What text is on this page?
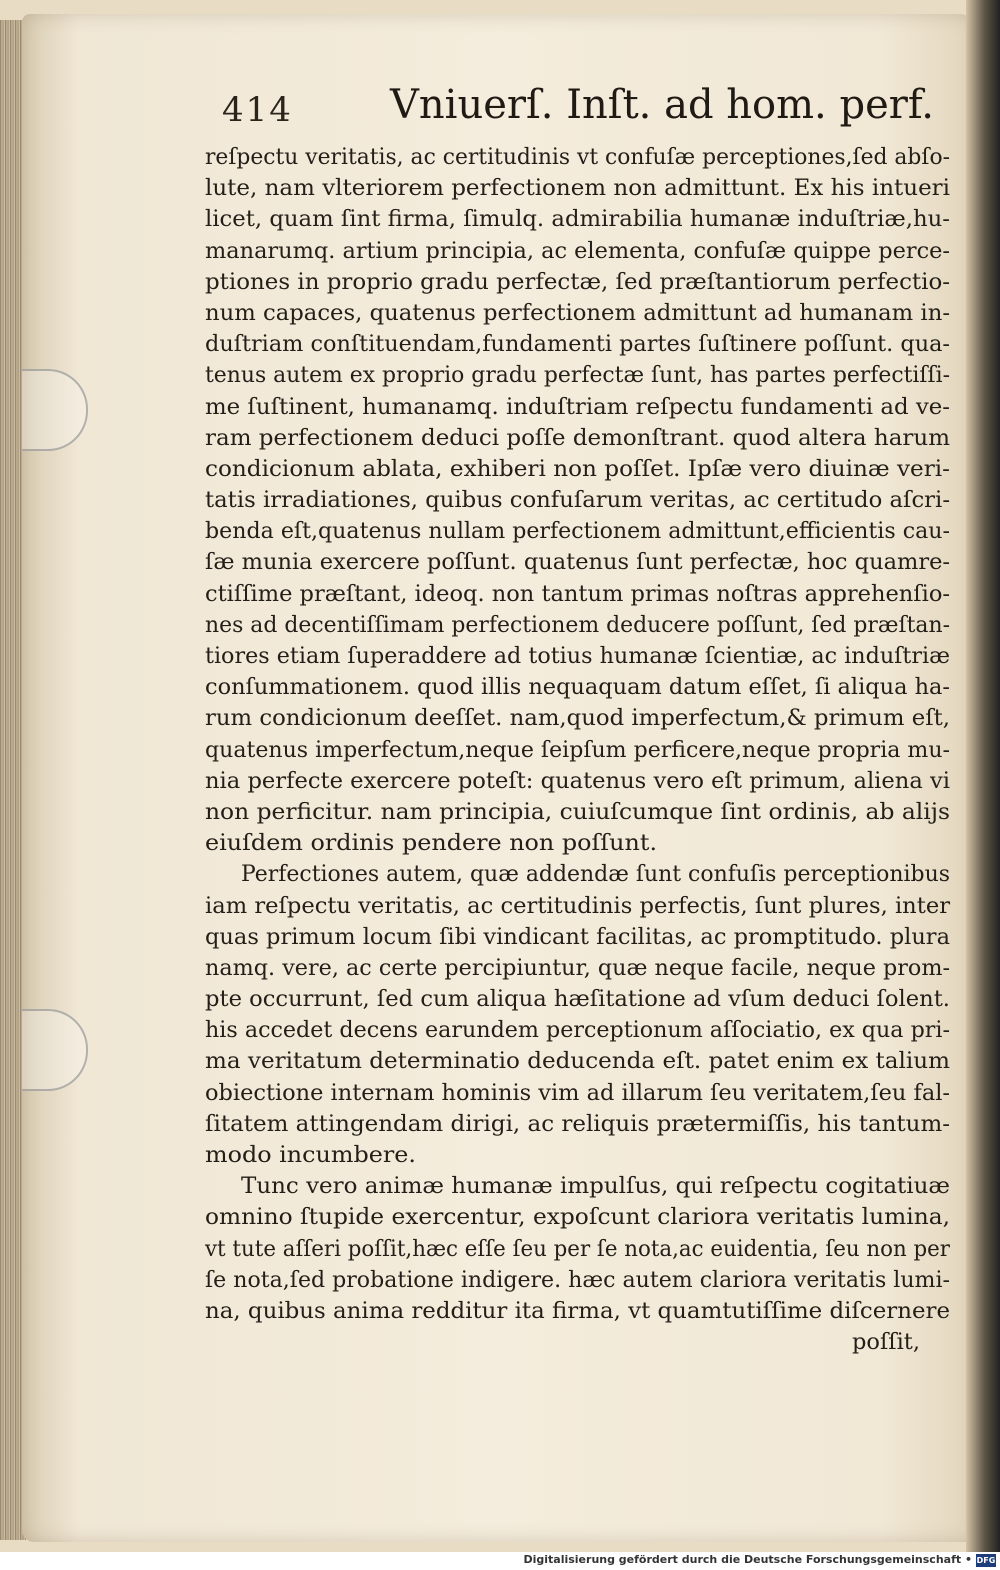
414 Vniuerſ. Inſt. ad hom. perf.
reſpectu veritatis, ac certitudinis vt confuſæ perceptiones,ſed abſo-
lute, nam vlteriorem perfectionem non admittunt. Ex his intueri
licet, quam ſint firma, ſimulq. admirabilia humanæ induſtriæ,hu-
manarumq. artium principia, ac elementa, confuſæ quippe perce-
ptiones in proprio gradu perfectæ, ſed præſtantiorum perfectio-
num capaces, quatenus perfectionem admittunt ad humanam in-
duſtriam conſtituendam,fundamenti partes ſuſtinere poſſunt. qua-
tenus autem ex proprio gradu perfectæ ſunt, has partes perfectiſſi-
me ſuſtinent, humanamq. induſtriam reſpectu fundamenti ad ve-
ram perfectionem deduci poſſe demonſtrant. quod altera harum
condicionum ablata, exhiberi non poſſet. Ipſæ vero diuinæ veri-
tatis irradiationes, quibus confuſarum veritas, ac certitudo aſcri-
benda eſt,quatenus nullam perfectionem admittunt,efficientis cau-
ſæ munia exercere poſſunt. quatenus ſunt perfectæ, hoc quamre-
ctiſſime præſtant, ideoq. non tantum primas noſtras apprehenſio-
nes ad decentiſſimam perfectionem deducere poſſunt, ſed præſtan-
tiores etiam ſuperaddere ad totius humanæ ſcientiæ, ac induſtriæ
conſummationem. quod illis nequaquam datum eſſet, ſi aliqua ha-
rum condicionum deeſſet. nam,quod imperfectum,& primum eſt,
quatenus imperfectum,neque ſeipſum perficere,neque propria mu-
nia perfecte exercere poteſt: quatenus vero eſt primum, aliena vi
non perficitur. nam principia, cuiuſcumque ſint ordinis, ab alijs
eiuſdem ordinis pendere non poſſunt.
Perfectiones autem, quæ addendæ ſunt confuſis perceptionibus
iam reſpectu veritatis, ac certitudinis perfectis, ſunt plures, inter
quas primum locum ſibi vindicant facilitas, ac promptitudo. plura
namq. vere, ac certe percipiuntur, quæ neque facile, neque prom-
pte occurrunt, ſed cum aliqua hæſitatione ad vſum deduci ſolent.
his accedet decens earundem perceptionum aſſociatio, ex qua pri-
ma veritatum determinatio deducenda eſt. patet enim ex talium
obiectione internam hominis vim ad illarum ſeu veritatem,ſeu fal-
ſitatem attingendam dirigi, ac reliquis prætermiſſis, his tantum-
modo incumbere.
Tunc vero animæ humanæ impulſus, qui reſpectu cogitatiuæ
omnino ſtupide exercentur, expoſcunt clariora veritatis lumina,
vt tute aſſeri poſſit,hæc eſſe ſeu per ſe nota,ac euidentia, ſeu non per
ſe nota,ſed probatione indigere. hæc autem clariora veritatis lumi-
na, quibus anima redditur ita firma, vt quamtutiſſime diſcernere
poſſit,
Digitalisierung gefördert durch die Deutsche Forschungsgemeinschaft • DFG
